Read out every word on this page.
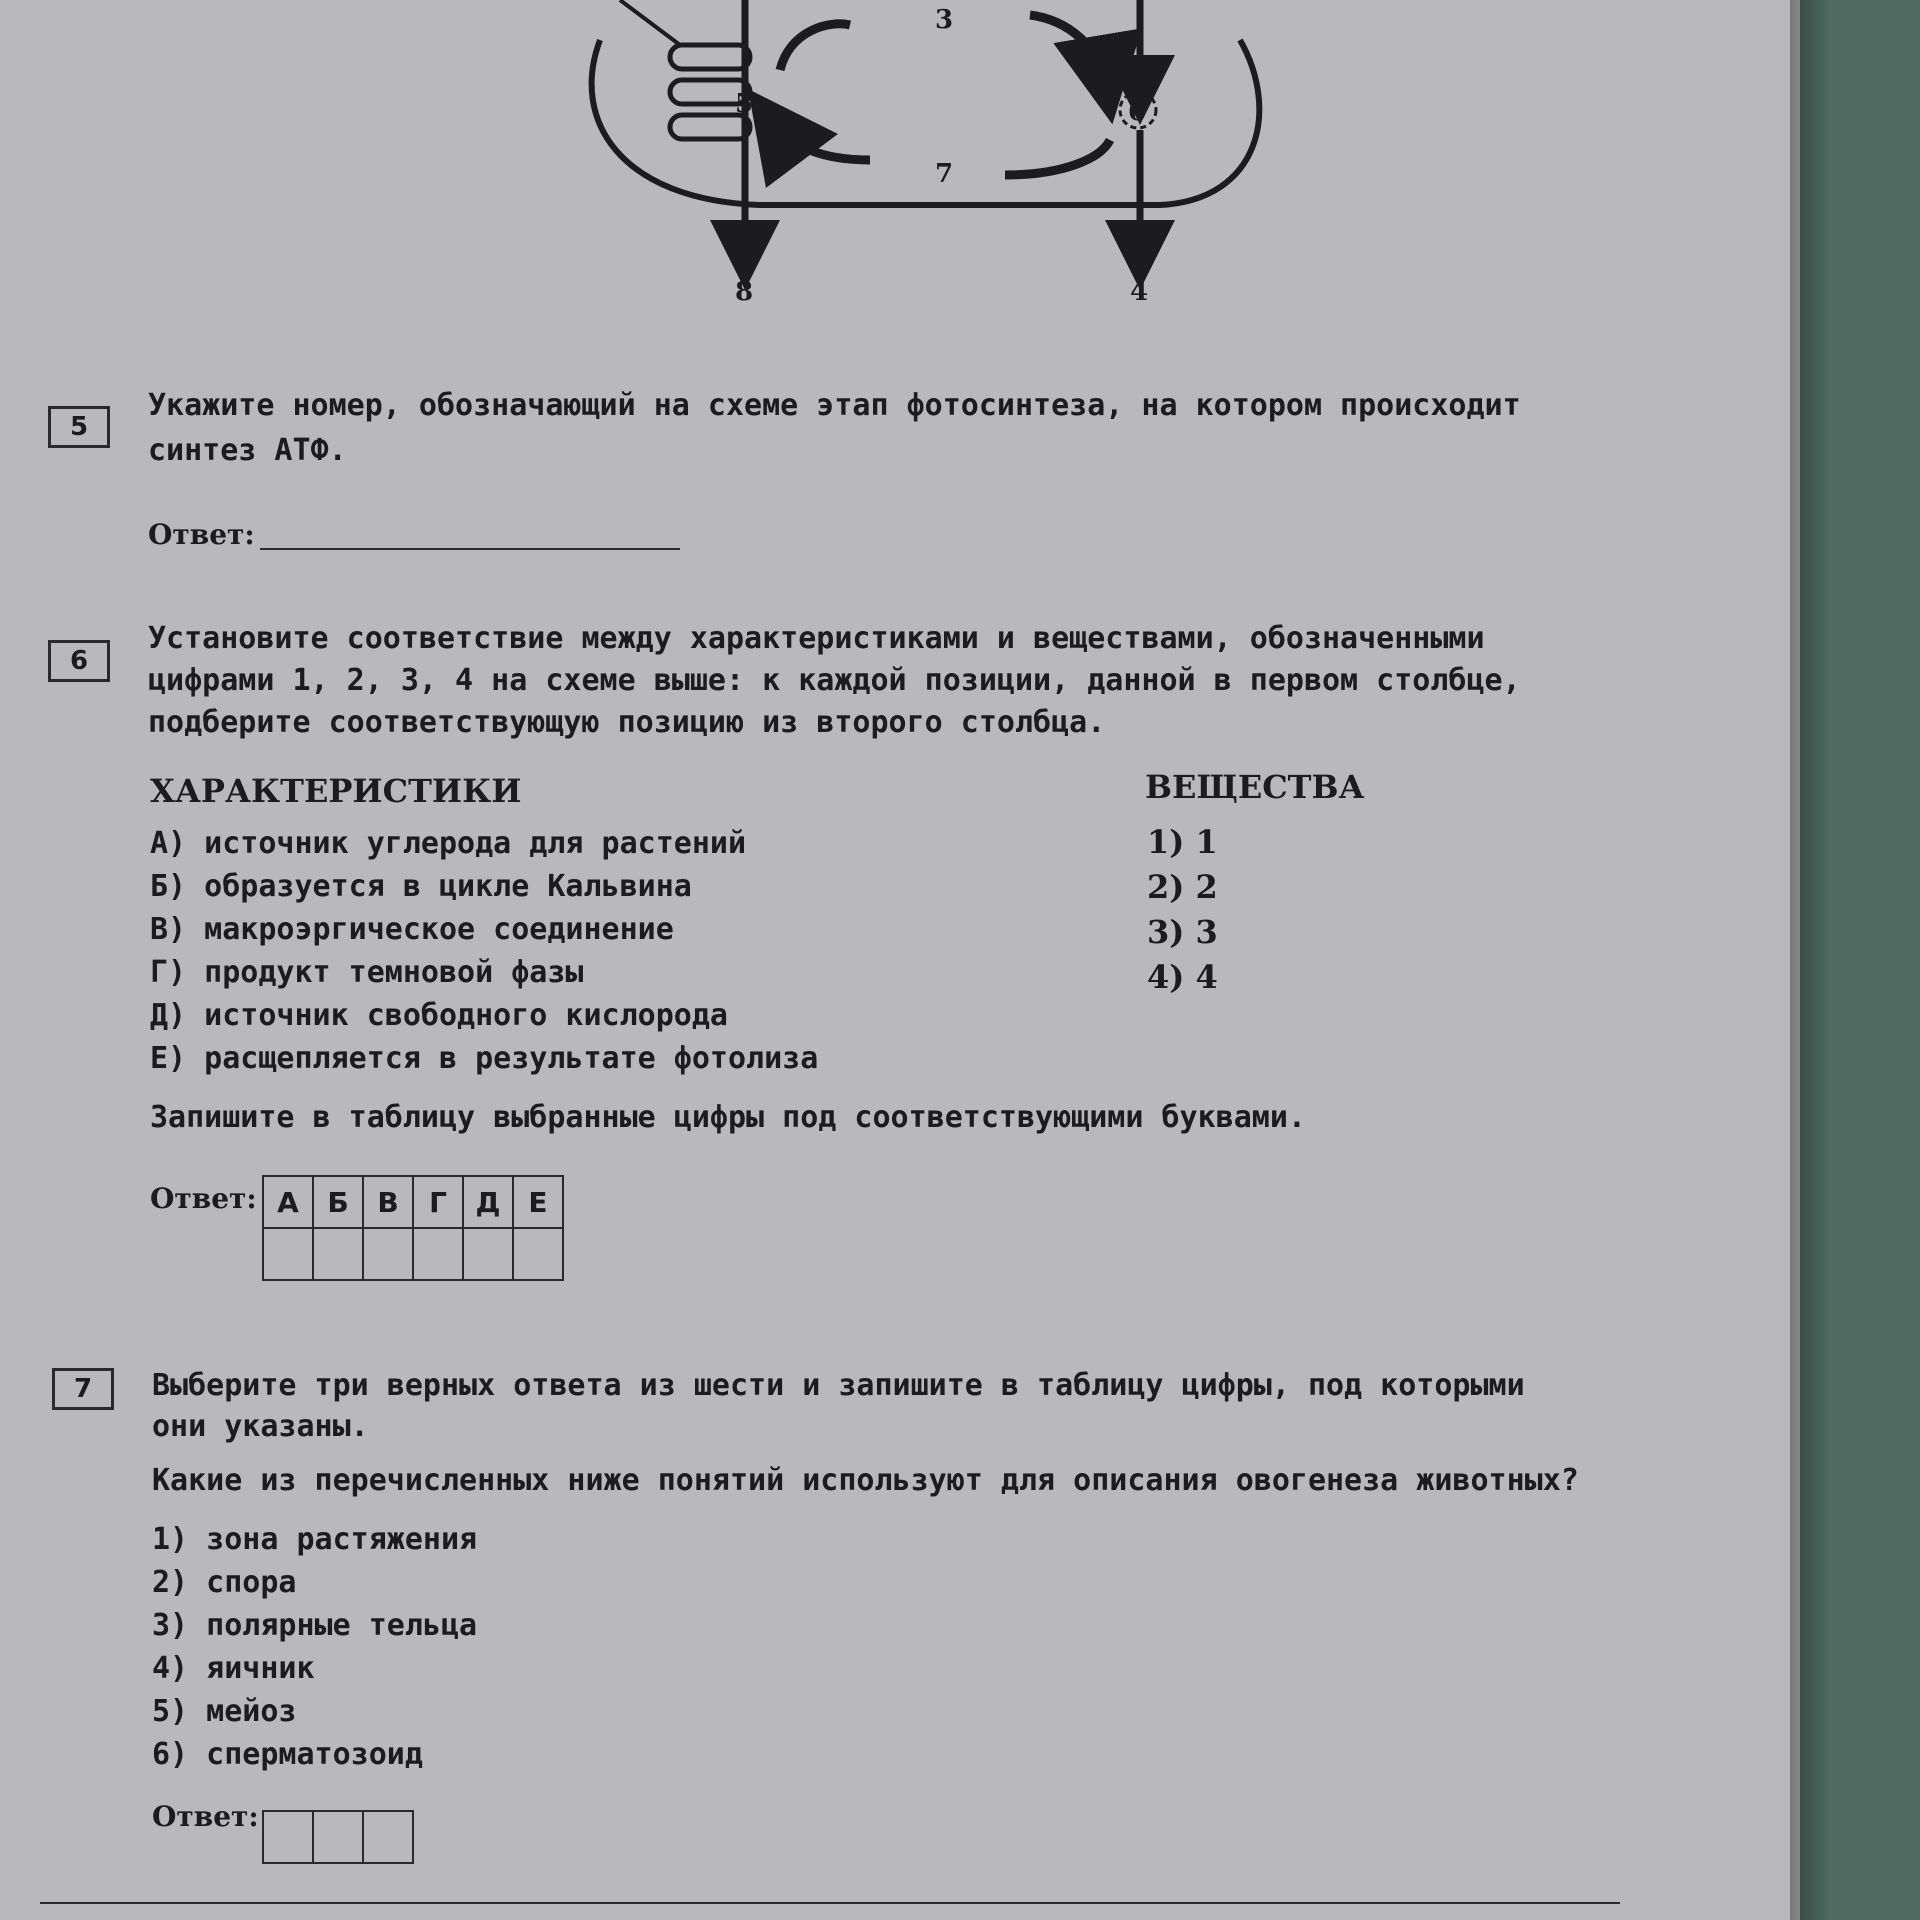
3
5	6
7
8	4
5

Укажите номер, обозначающий на схеме этап фотосинтеза, на котором происходит

синтез АТФ.

Ответ:
6

Установите соответствие между характеристиками и веществами, обозначенными

цифрами 1, 2, 3, 4 на схеме выше: к каждой позиции, данной в первом столбце,

подберите соответствующую позицию из второго столбца.

ХАРАКТЕРИСТИКИ	ВЕЩЕСТВА
А) источник углерода для растений
Б) образуется в цикле Кальвина
В) макроэргическое соединение
Г) продукт темновой фазы
Д) источник свободного кислорода
Е) расщепляется в результате фотолиза
1) 1
2) 2
3) 3
4) 4

Запишите в таблицу выбранные цифры под соответствующими буквами.

Ответ: А	Б	В	Г	Д	Е

7	Выберите три верных ответа из шести и запишите в таблицу цифры, под которыми

они указаны.

Какие из перечисленных ниже понятий используют для описания овогенеза животных?

1) зона растяжения
2) спора
3) полярные тельца
4) яичник
5) мейоз
6) сперматозоид
Ответ:
